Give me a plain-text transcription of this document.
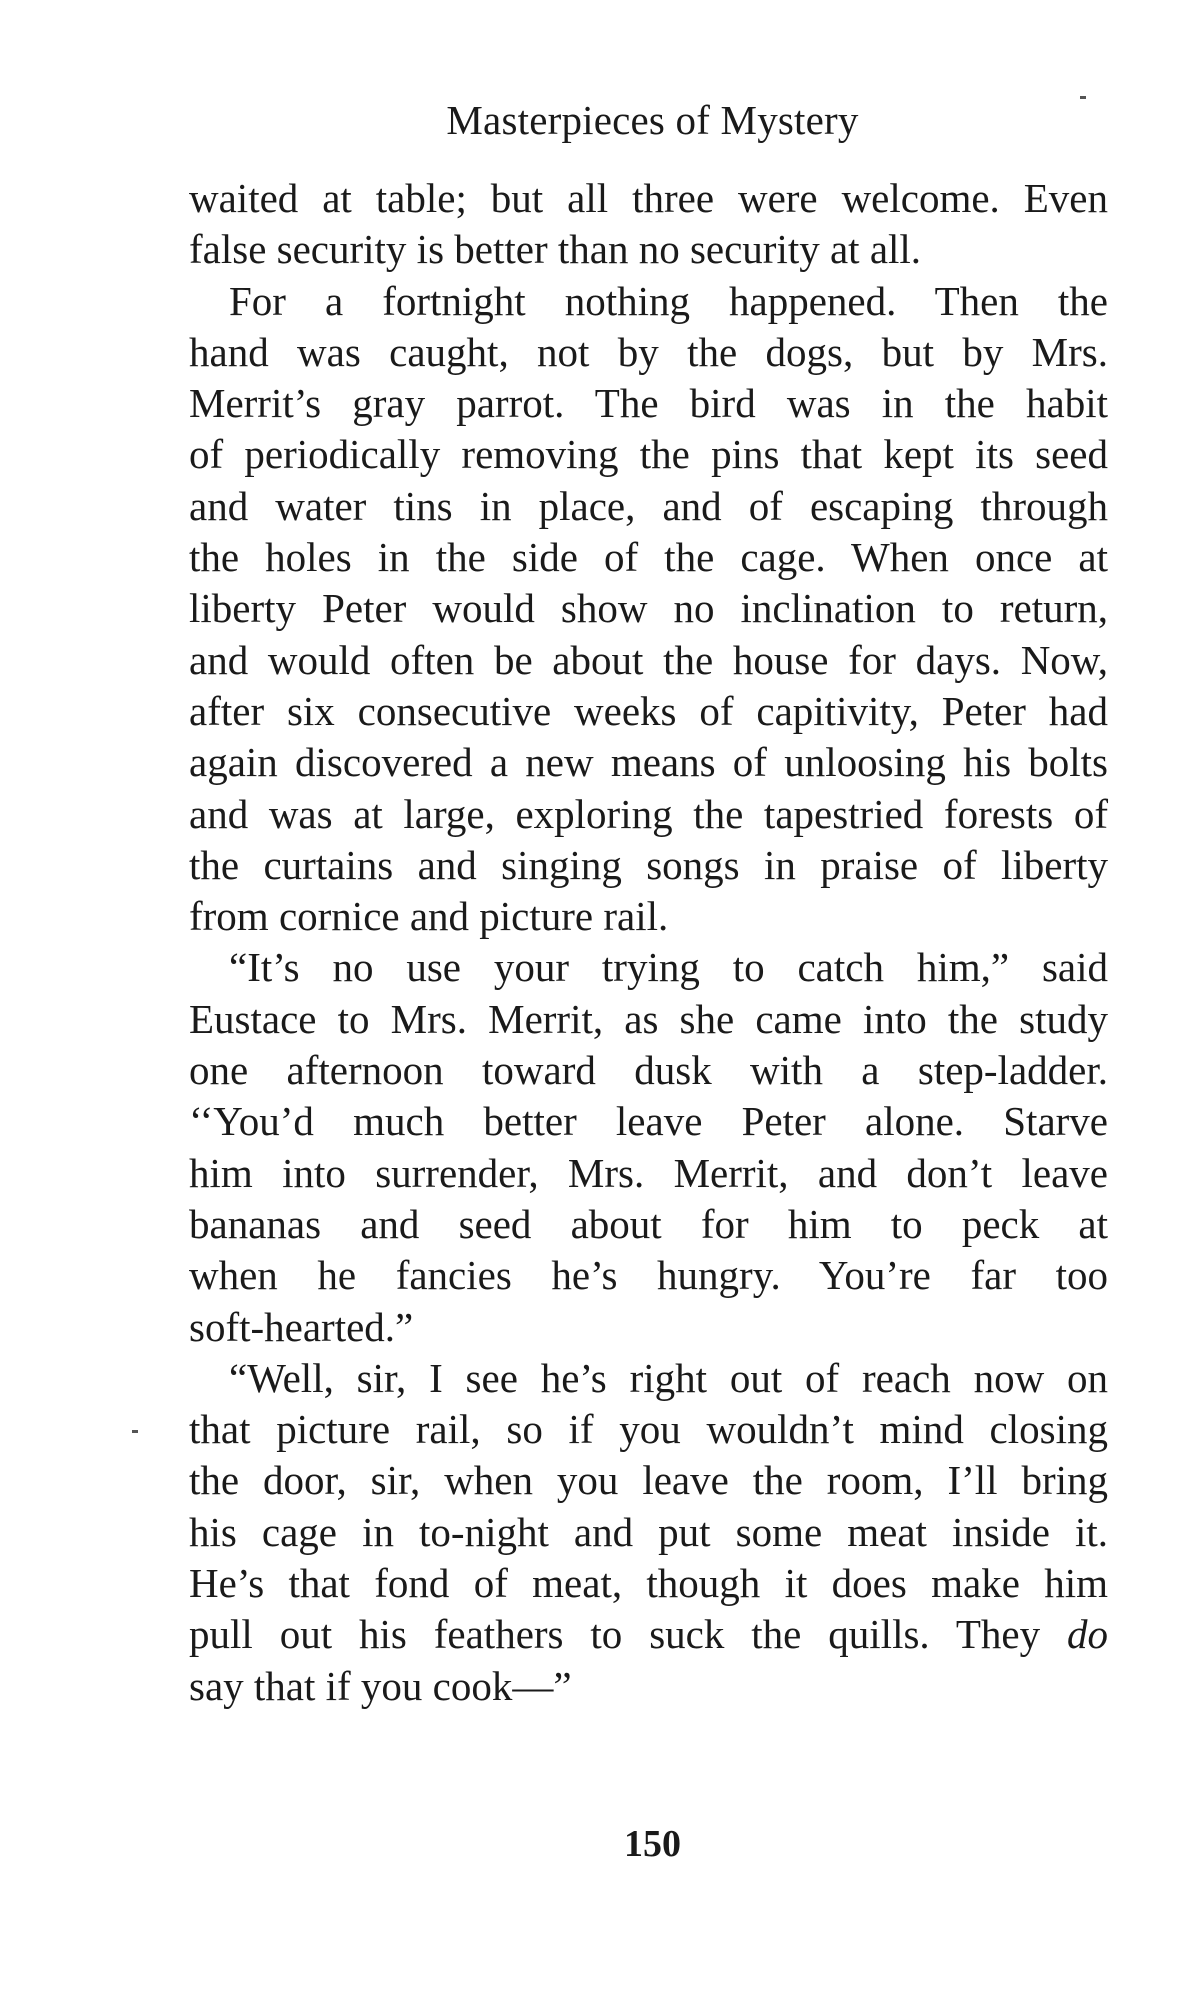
Masterpieces of Mystery
waited at table; but all three were welcome. Even
false security is better than no security at all.
For a fortnight nothing happened. Then the
hand was caught, not by the dogs, but by Mrs.
Merrit’s gray parrot. The bird was in the habit
of periodically removing the pins that kept its seed
and water tins in place, and of escaping through
the holes in the side of the cage. When once at
liberty Peter would show no inclination to return,
and would often be about the house for days. Now,
after six consecutive weeks of capitivity, Peter had
again discovered a new means of unloosing his bolts
and was at large, exploring the tapestried forests of
the curtains and singing songs in praise of liberty
from cornice and picture rail.
“It’s no use your trying to catch him,” said
Eustace to Mrs. Merrit, as she came into the study
one afternoon toward dusk with a step-ladder.
‘‘You’d much better leave Peter alone. Starve
him into surrender, Mrs. Merrit, and don’t leave
bananas and seed about for him to peck at
when he fancies he’s hungry. You’re far too
soft-hearted.”
“Well, sir, I see he’s right out of reach now on
that picture rail, so if you wouldn’t mind closing
the door, sir, when you leave the room, I’ll bring
his cage in to-night and put some meat inside it.
He’s that fond of meat, though it does make him
pull out his feathers to suck the quills. They do
say that if you cook—”
150
